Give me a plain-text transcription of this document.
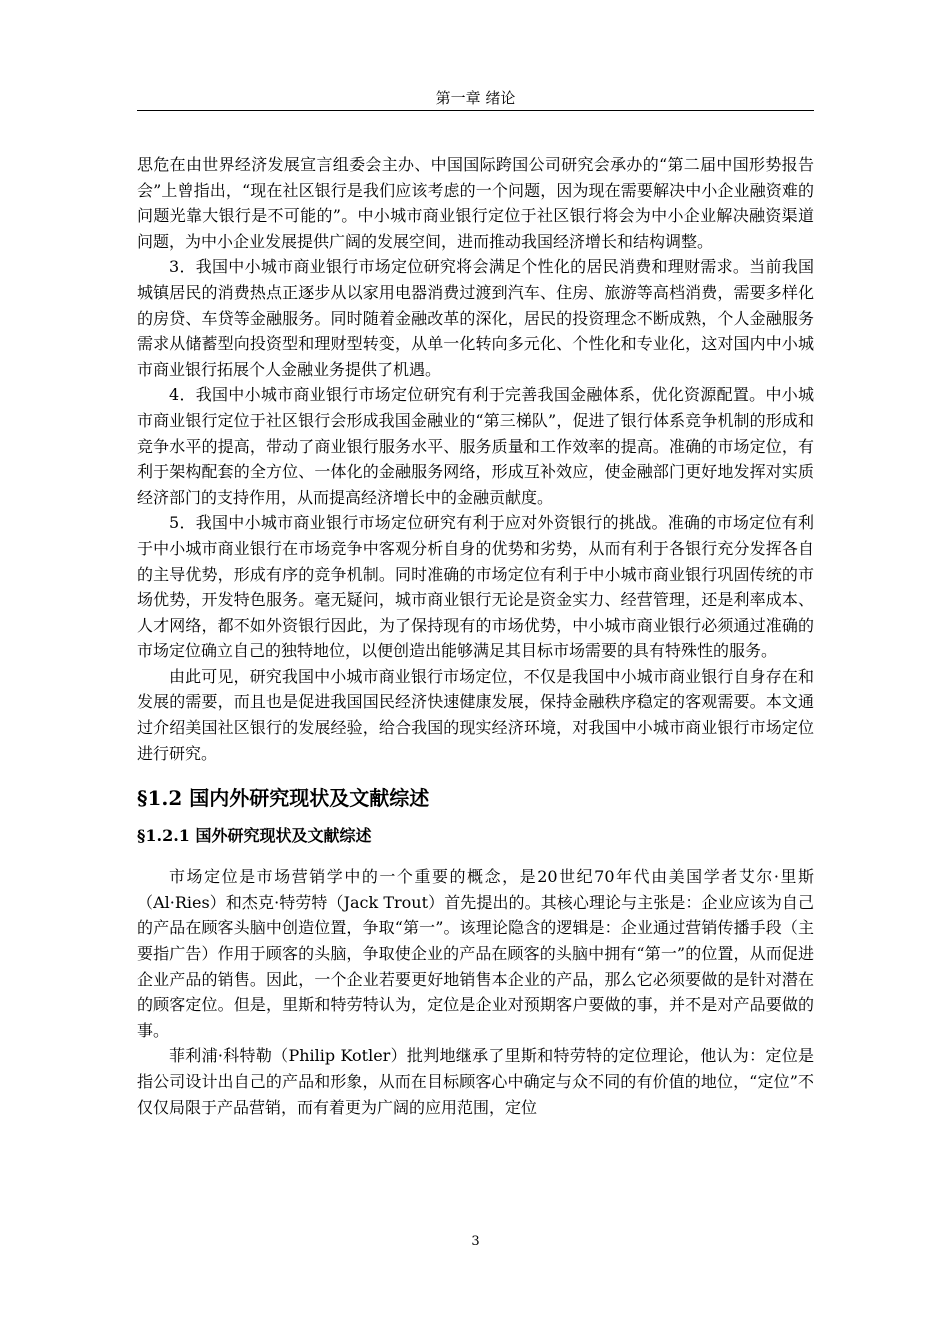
第一章 绪论

思危在由世界经济发展宣言组委会主办、中国国际跨国公司研究会承办的“第二届中国形势报告会”上曾指出，“现在社区银行是我们应该考虑的一个问题，因为现在需要解决中小企业融资难的问题光靠大银行是不可能的”。中小城市商业银行定位于社区银行将会为中小企业解决融资渠道问题，为中小企业发展提供广阔的发展空间，进而推动我国经济增长和结构调整。

3．我国中小城市商业银行市场定位研究将会满足个性化的居民消费和理财需求。当前我国城镇居民的消费热点正逐步从以家用电器消费过渡到汽车、住房、旅游等高档消费，需要多样化的房贷、车贷等金融服务。同时随着金融改革的深化，居民的投资理念不断成熟，个人金融服务需求从储蓄型向投资型和理财型转变，从单一化转向多元化、个性化和专业化，这对国内中小城市商业银行拓展个人金融业务提供了机遇。

4．我国中小城市商业银行市场定位研究有利于完善我国金融体系，优化资源配置。中小城市商业银行定位于社区银行会形成我国金融业的“第三梯队”，促进了银行体系竞争机制的形成和竞争水平的提高，带动了商业银行服务水平、服务质量和工作效率的提高。准确的市场定位，有利于架构配套的全方位、一体化的金融服务网络，形成互补效应，使金融部门更好地发挥对实质经济部门的支持作用，从而提高经济增长中的金融贡献度。

5．我国中小城市商业银行市场定位研究有利于应对外资银行的挑战。准确的市场定位有利于中小城市商业银行在市场竞争中客观分析自身的优势和劣势，从而有利于各银行充分发挥各自的主导优势，形成有序的竞争机制。同时准确的市场定位有利于中小城市商业银行巩固传统的市场优势，开发特色服务。毫无疑问，城市商业银行无论是资金实力、经营管理，还是利率成本、人才网络，都不如外资银行因此，为了保持现有的市场优势，中小城市商业银行必须通过准确的市场定位确立自己的独特地位，以便创造出能够满足其目标市场需要的具有特殊性的服务。

由此可见，研究我国中小城市商业银行市场定位，不仅是我国中小城市商业银行自身存在和发展的需要，而且也是促进我国国民经济快速健康发展，保持金融秩序稳定的客观需要。本文通过介绍美国社区银行的发展经验，给合我国的现实经济环境，对我国中小城市商业银行市场定位进行研究。

§1.2 国内外研究现状及文献综述
§1.2.1 国外研究现状及文献综述

市场定位是市场营销学中的一个重要的概念，是20世纪70年代由美国学者艾尔·里斯（Al·Ries）和杰克·特劳特（Jack Trout）首先提出的。其核心理论与主张是：企业应该为自己的产品在顾客头脑中创造位置，争取“第一”。该理论隐含的逻辑是：企业通过营销传播手段（主要指广告）作用于顾客的头脑，争取使企业的产品在顾客的头脑中拥有“第一”的位置，从而促进企业产品的销售。因此，一个企业若要更好地销售本企业的产品，那么它必须要做的是针对潜在的顾客定位。但是，里斯和特劳特认为，定位是企业对预期客户要做的事，并不是对产品要做的事。

菲利浦·科特勒（Philip Kotler）批判地继承了里斯和特劳特的定位理论，他认为：定位是指公司设计出自己的产品和形象，从而在目标顾客心中确定与众不同的有价值的地位，“定位”不仅仅局限于产品营销，而有着更为广阔的应用范围，定位

3
